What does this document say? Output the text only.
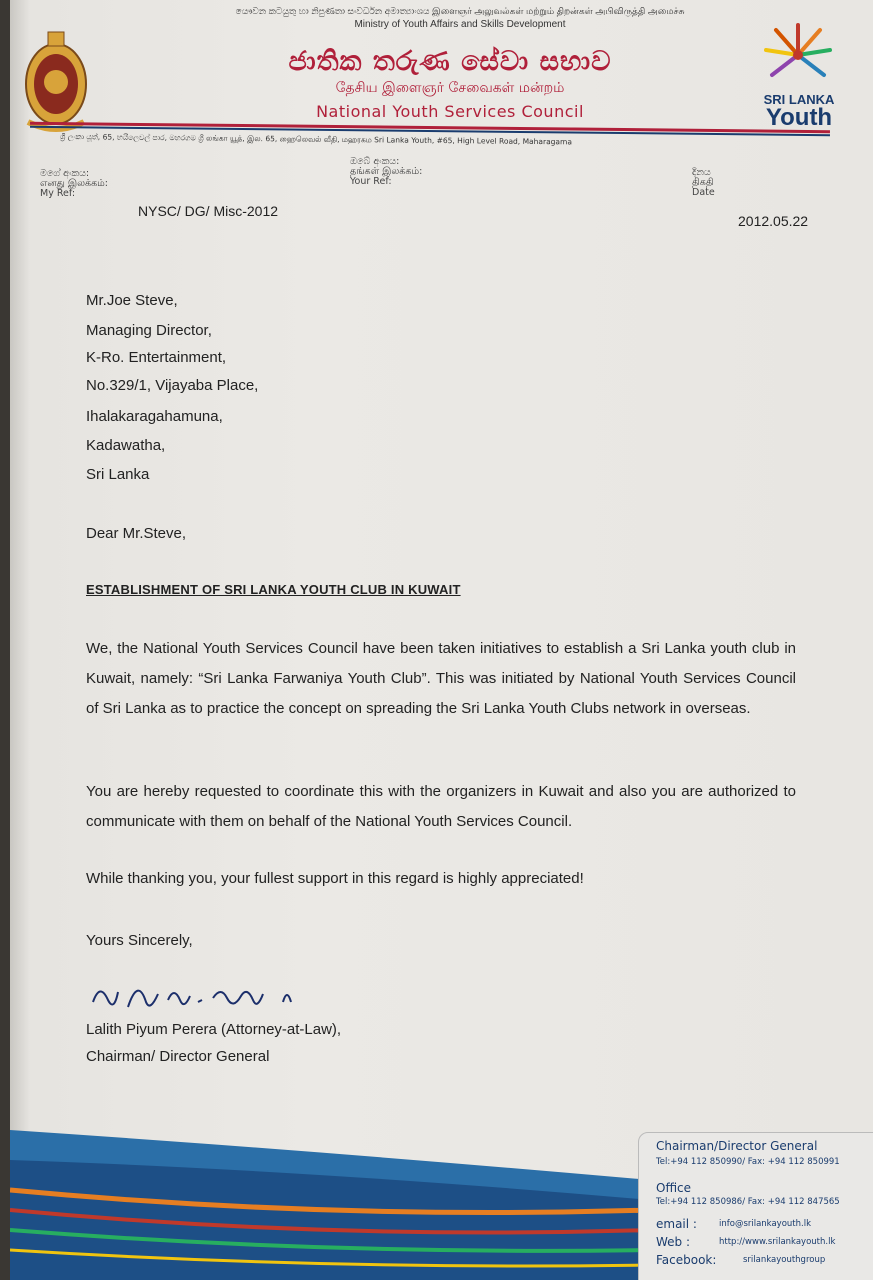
යෞවන කටයුතු හා නිපුණතා සංවර්ධන අමාත්‍යාංශය இளைஞர் அலுவல்கள் மற்றும் திறன்கள் அபிவிருத்தி அமைச்சு
Ministry of Youth Affairs and Skills Development
ජාතික තරුණ සේවා සභාව
தேசிய இளைஞர் சேவைகள் மன்றம்
National Youth Services Council
SRI LANKA
Youth
ශ්‍රී ලංකා යූත්, 65, හයිලෙවල් පාර, මහරගම ශ්‍රී லங்கா யூத், இல. 65, ஹைலெவல் வீதி, மஹரகம Sri Lanka Youth, #65, High Level Road, Maharagama
මගේ අංකය:
எனது இலக்கம்:
My Ref:
NYSC/ DG/ Misc-2012
ඔබේ අංකය:
தங்கள் இலக்கம்:
Your Ref:
දිනය
திகதி
Date
2012.05.22
Mr.Joe Steve,
Managing Director,
K-Ro. Entertainment,
No.329/1, Vijayaba Place,
Ihalakaragahamuna,
Kadawatha,
Sri Lanka
Dear Mr.Steve,
ESTABLISHMENT OF SRI LANKA YOUTH CLUB IN KUWAIT
We, the National Youth Services Council have been taken initiatives to establish a Sri Lanka youth club in Kuwait, namely: “Sri Lanka Farwaniya Youth Club”. This was initiated by National Youth Services Council of Sri Lanka as to practice the concept on spreading the Sri Lanka Youth Clubs network in overseas.
You are hereby requested to coordinate this with the organizers in Kuwait and also you are authorized to communicate with them on behalf of the National Youth Services Council.
While thanking you, your fullest support in this regard is highly appreciated!
Yours Sincerely,
Lalith Piyum Perera (Attorney-at-Law),
Chairman/ Director General
Chairman/Director General
Tel:+94 112 850990/ Fax: +94 112 850991
Office
Tel:+94 112 850986/ Fax: +94 112 847565
email :	info@srilankayouth.lk
Web :	http://www.srilankayouth.lk
Facebook:	srilankayouthgroup
